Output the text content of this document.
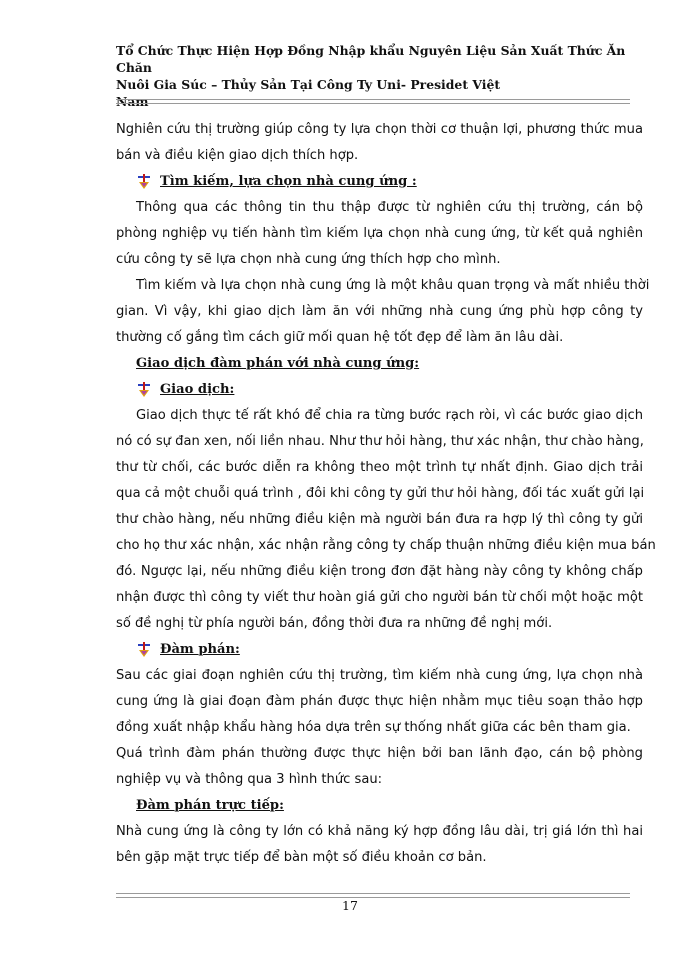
Tổ Chức Thực Hiện Hợp Đồng Nhập khẩu Nguyên Liệu Sản Xuất Thức Ăn Chăn
Nuôi Gia Súc – Thủy Sản Tại Công Ty Uni- Presidet Việt
Nam
Nghiên cứu thị trường giúp công ty lựa chọn thời cơ thuận lợi, phương thức mua
bán và điều kiện giao dịch thích hợp.
Tìm kiếm, lựa chọn nhà cung ứng :
Thông qua các thông tin thu thập được từ nghiên cứu thị trường, cán bộ
phòng nghiệp vụ tiến hành tìm kiếm lựa chọn nhà cung ứng, từ kết quả nghiên
cứu công ty sẽ lựa chọn nhà cung ứng thích hợp cho mình.
Tìm kiếm và lựa chọn nhà cung ứng là một khâu quan trọng và mất nhiều thời
gian. Vì vậy, khi giao dịch làm ăn với những nhà cung ứng phù hợp công ty
thường cố gắng tìm cách giữ mối quan hệ tốt đẹp để làm ăn lâu dài.
Giao dịch đàm phán với nhà cung ứng:
Giao dịch:
Giao dịch thực tế rất khó để chia ra từng bước rạch ròi, vì các bước giao dịch
nó có sự đan xen, nối liền nhau. Như thư hỏi hàng, thư xác nhận, thư chào hàng,
thư từ chối, các bước diễn ra không theo một trình tự nhất định. Giao dịch trải
qua cả một chuỗi quá trình , đôi khi công ty gửi thư hỏi hàng, đối tác xuất gửi lại
thư chào hàng, nếu những điều kiện mà người bán đưa ra hợp lý thì công ty gửi
cho họ thư xác nhận, xác nhận rằng công ty chấp thuận những điều kiện mua bán
đó. Ngược lại, nếu những điều kiện trong đơn đặt hàng này công ty không chấp
nhận được thì công ty viết thư hoàn giá gửi cho người bán từ chối một hoặc một
số đề nghị từ phía người bán, đồng thời đưa ra những đề nghị mới.
Đàm phán:
Sau các giai đoạn nghiên cứu thị trường, tìm kiếm nhà cung ứng, lựa chọn nhà
cung ứng là giai đoạn đàm phán được thực hiện nhằm mục tiêu soạn thảo hợp
đồng xuất nhập khẩu hàng hóa dựa trên sự thống nhất giữa các bên tham gia.
Quá trình đàm phán thường được thực hiện bởi ban lãnh đạo, cán bộ phòng
nghiệp vụ và thông qua 3 hình thức sau:
Đàm phán trực tiếp:
Nhà cung ứng là công ty lớn có khả năng ký hợp đồng lâu dài, trị giá lớn thì hai
bên gặp mặt trực tiếp để bàn một số điều khoản cơ bản.
17
